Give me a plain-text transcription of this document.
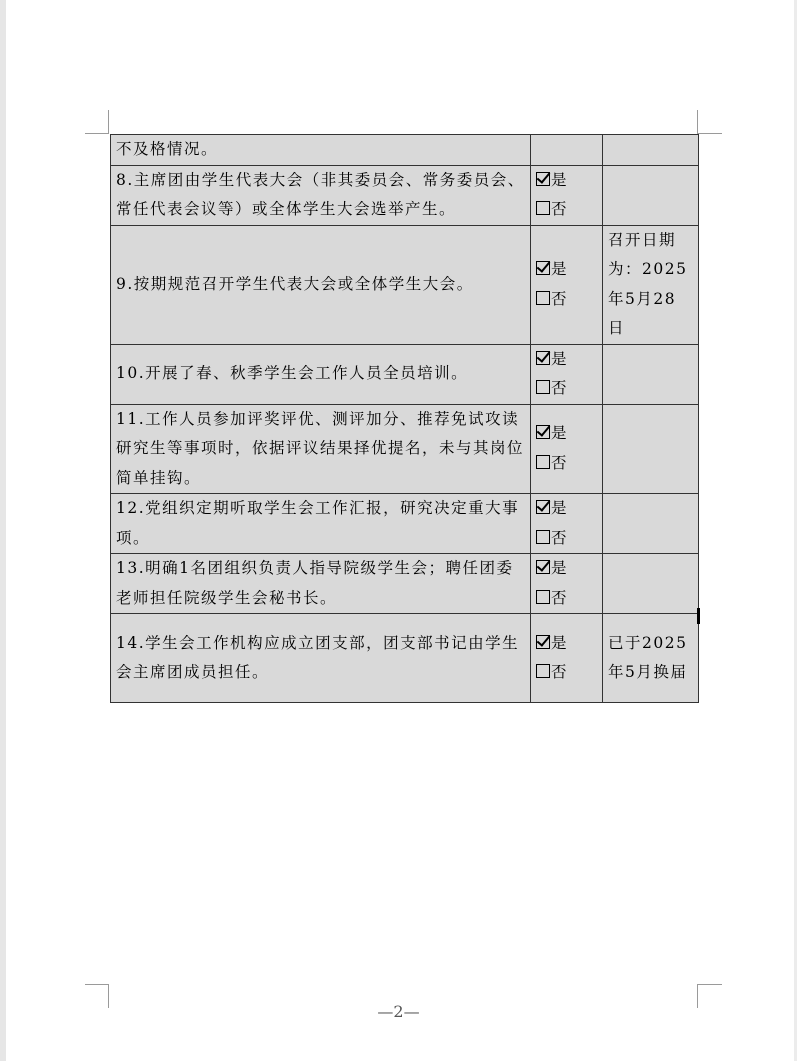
不及格情况。		
8.主席团由学生代表大会（非其委员会、常务委员会、常任代表会议等）或全体学生大会选举产生。	是
否	

9.按期规范召开学生代表大会或全体学生大会。	是
否	召开日期为：2025年5月28日
10.开展了春、秋季学生会工作人员全员培训。	是
否	

11.工作人员参加评奖评优、测评加分、推荐免试攻读研究生等事项时，依据评议结果择优提名，未与其岗位简单挂钩。	是
否	

12.党组织定期听取学生会工作汇报，研究决定重大事项。	是
否	

13.明确1名团组织负责人指导院级学生会；聘任团委老师担任院级学生会秘书长。	是
否	

14.学生会工作机构应成立团支部，团支部书记由学生会主席团成员担任。	是
否	已于2025年5月换届
—2—
